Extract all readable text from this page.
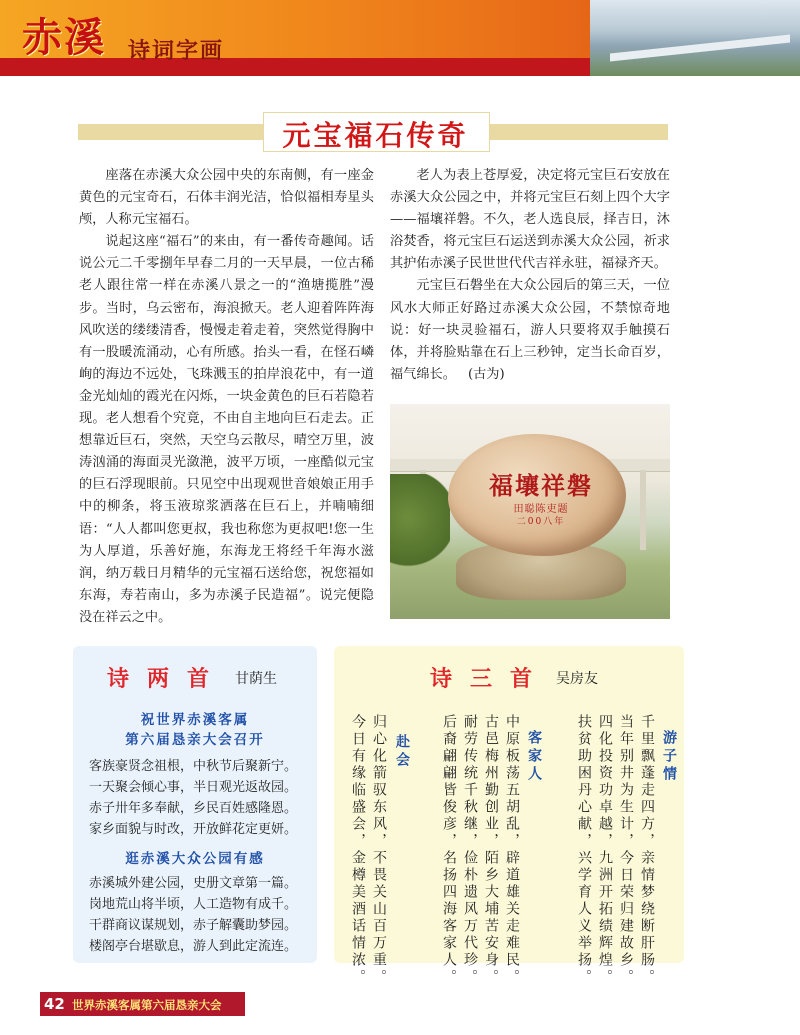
赤溪 诗词字画
元宝福石传奇

座落在赤溪大众公园中央的东南侧，有一座金黄色的元宝奇石，石体丰润光洁，恰似福相寿星头颅，人称元宝福石。

说起这座“福石”的来由，有一番传奇趣闻。话说公元二千零捌年早春二月的一天早晨，一位古稀老人跟往常一样在赤溪八景之一的“渔塘揽胜”漫步。当时，乌云密布，海浪掀天。老人迎着阵阵海风吹送的缕缕清香，慢慢走着走着，突然觉得胸中有一股暖流涌动，心有所感。抬头一看，在怪石嶙峋的海边不远处，飞珠溅玉的拍岸浪花中，有一道金光灿灿的霞光在闪烁，一块金黄色的巨石若隐若现。老人想看个究竟，不由自主地向巨石走去。正想靠近巨石，突然，天空乌云散尽，晴空万里，波涛汹涌的海面灵光潋滟，波平万顷，一座酷似元宝的巨石浮现眼前。只见空中出现观世音娘娘正用手中的柳条，将玉液琼浆洒落在巨石上，并喃喃细语：“人人都叫您更叔，我也称您为更叔吧!您一生为人厚道，乐善好施，东海龙王将经千年海水滋润，纳万载日月精华的元宝福石送给您，祝您福如东海，寿若南山，多为赤溪子民造福”。说完便隐没在祥云之中。

老人为表上苍厚爱，决定将元宝巨石安放在赤溪大众公园之中，并将元宝巨石刻上四个大字——福壤祥磐。不久，老人选良辰，择吉日，沐浴焚香，将元宝巨石运送到赤溪大众公园，祈求其护佑赤溪子民世世代代吉祥永驻，福禄齐天。

元宝巨石磐坐在大众公园后的第三天，一位风水大师正好路过赤溪大众公园，不禁惊奇地说：好一块灵验福石，游人只要将双手触摸石体，并将脸贴靠在石上三秒钟，定当长命百岁，福气绵长。 (古为)

福壤祥磐
田聪陈吏题
二00八年
诗两首 甘荫生
祝世界赤溪客属
第六届恳亲大会召开
客族豪贤念祖根，中秋节后聚新宁。
一天聚会倾心事，半日观光返故园。
赤子卅年多奉献，乡民百姓感隆恩。
家乡面貌与时改，开放鲜花定更妍。
逛赤溪大众公园有感
赤溪城外建公园，史册文章第一篇。
岗地荒山将半顷，人工造物有成千。
干群商议谋规划，赤子解囊助梦园。
楼阁亭台堪歇息，游人到此定流连。
诗三首 吴房友
游子情
千里飘蓬走四方，亲情梦绕断肝肠。
当年别井为生计，今日荣归建故乡。
四化投资功卓越，九洲开拓绩辉煌。
扶贫助困丹心献，兴学育人义举扬。
客家人
中原板荡五胡乱，辟道雄关走难民。
古邑梅州勤创业，陌乡大埔苦安身。
耐劳传统千秋继，俭朴遗风万代珍。
后裔翩翩皆俊彦，名扬四海客家人。
赴会
归心化箭驭东风，不畏关山百万重。
今日有缘临盛会，金樽美酒话情浓。
42 世界赤溪客属第六届恳亲大会
